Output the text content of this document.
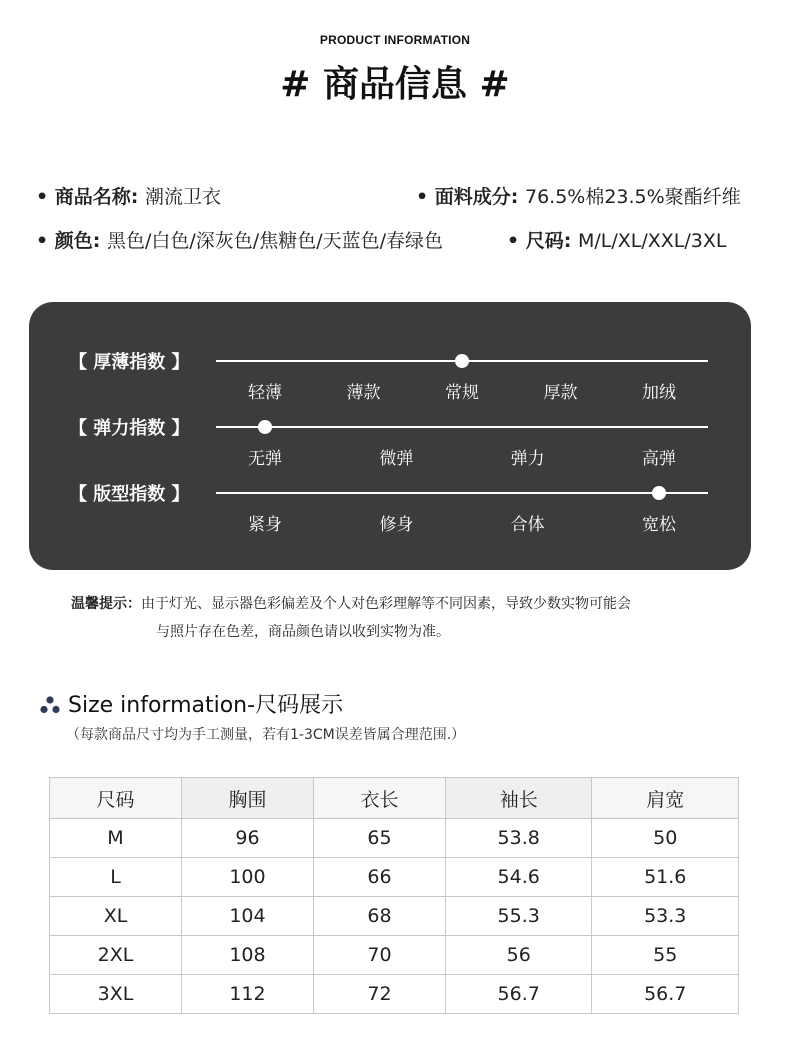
PRODUCT INFORMATION
# 商品信息 #
• 商品名称: 潮流卫衣	• 面料成分: 76.5%棉23.5%聚酯纤维
• 颜色: 黑色/白色/深灰色/焦糖色/天蓝色/春绿色	• 尺码: M/L/XL/XXL/3XL
【 厚薄指数 】
轻薄	薄款	常规	厚款	加绒
【 弹力指数 】
无弹	微弹	弹力	高弹
【 版型指数 】
紧身	修身	合体	宽松
温馨提示：由于灯光、显示器色彩偏差及个人对色彩理解等不同因素，导致少数实物可能会
与照片存在色差，商品颜色请以收到实物为准。
Size information-尺码展示
（每款商品尺寸均为手工测量，若有1-3CM误差皆属合理范围.）
尺码	胸围	衣长	袖长	肩宽
M	96	65	53.8	50
L	100	66	54.6	51.6
XL	104	68	55.3	53.3
2XL	108	70	56	55
3XL	112	72	56.7	56.7
